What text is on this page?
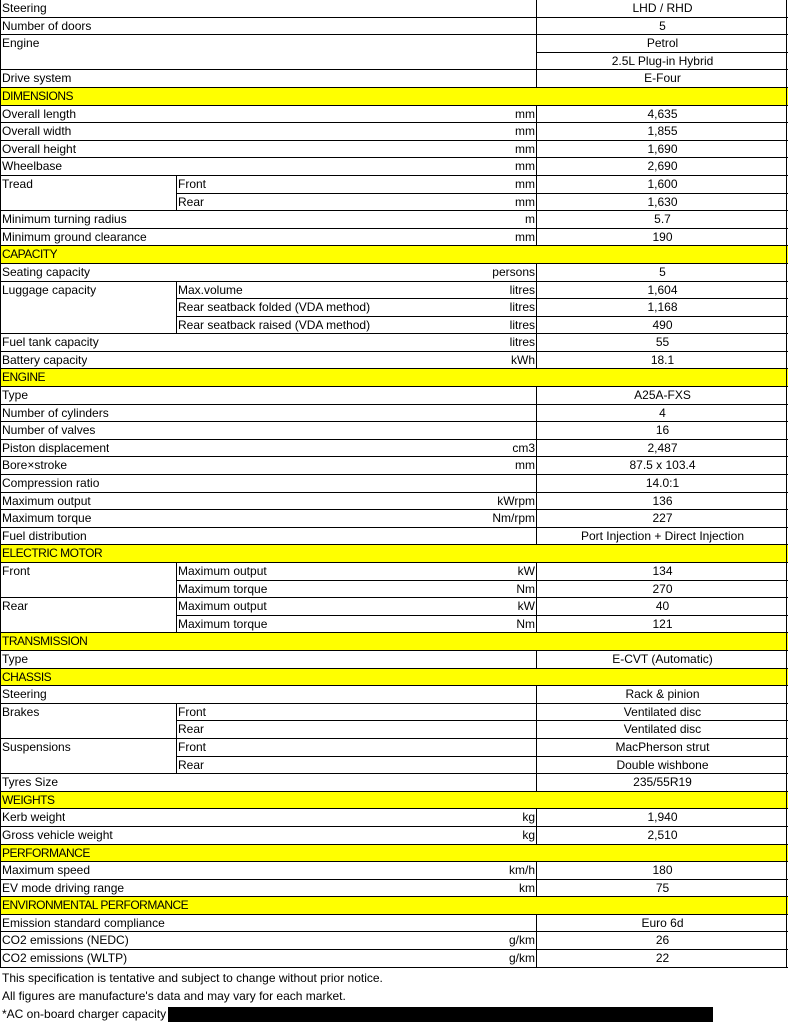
Steering	LHD / RHD
Number of doors	5
Engine	Petrol
2.5L Plug-in Hybrid
Drive system	E-Four
DIMENSIONS
Overall length	mm	4,635
Overall width	mm	1,855
Overall height	mm	1,690
Wheelbase	mm	2,690
Tread	Front	mm	1,600
Rear	mm	1,630
Minimum turning radius	m	5.7
Minimum ground clearance	mm	190
CAPACITY
Seating capacity	persons	5
Luggage capacity	Max.volume	litres	1,604
Rear seatback folded (VDA method)	litres	1,168
Rear seatback raised (VDA method)	litres	490
Fuel tank capacity	litres	55
Battery capacity	kWh	18.1
ENGINE
Type	A25A-FXS
Number of cylinders	4
Number of valves	16
Piston displacement	cm3	2,487
Bore×stroke	mm	87.5 x 103.4
Compression ratio	14.0:1
Maximum output	kWrpm	136
Maximum torque	Nm/rpm	227
Fuel distribution	Port Injection + Direct Injection
ELECTRIC MOTOR
Front	Maximum output	kW	134
Maximum torque	Nm	270
Rear	Maximum output	kW	40
Maximum torque	Nm	121
TRANSMISSION
Type	E-CVT (Automatic)
CHASSIS
Steering	Rack & pinion
Brakes	Front	Ventilated disc
Rear	Ventilated disc
Suspensions	Front	MacPherson strut
Rear	Double wishbone
Tyres Size	235/55R19
WEIGHTS
Kerb weight	kg	1,940
Gross vehicle weight	kg	2,510
PERFORMANCE
Maximum speed	km/h	180
EV mode driving range	km	75
ENVIRONMENTAL PERFORMANCE
Emission standard compliance	Euro 6d
CO2 emissions (NEDC)	g/km	26
CO2 emissions (WLTP)	g/km	22
This specification is tentative and subject to change without prior notice.
All figures are manufacture's data and may vary for each market.
*AC on-board charger capacity
